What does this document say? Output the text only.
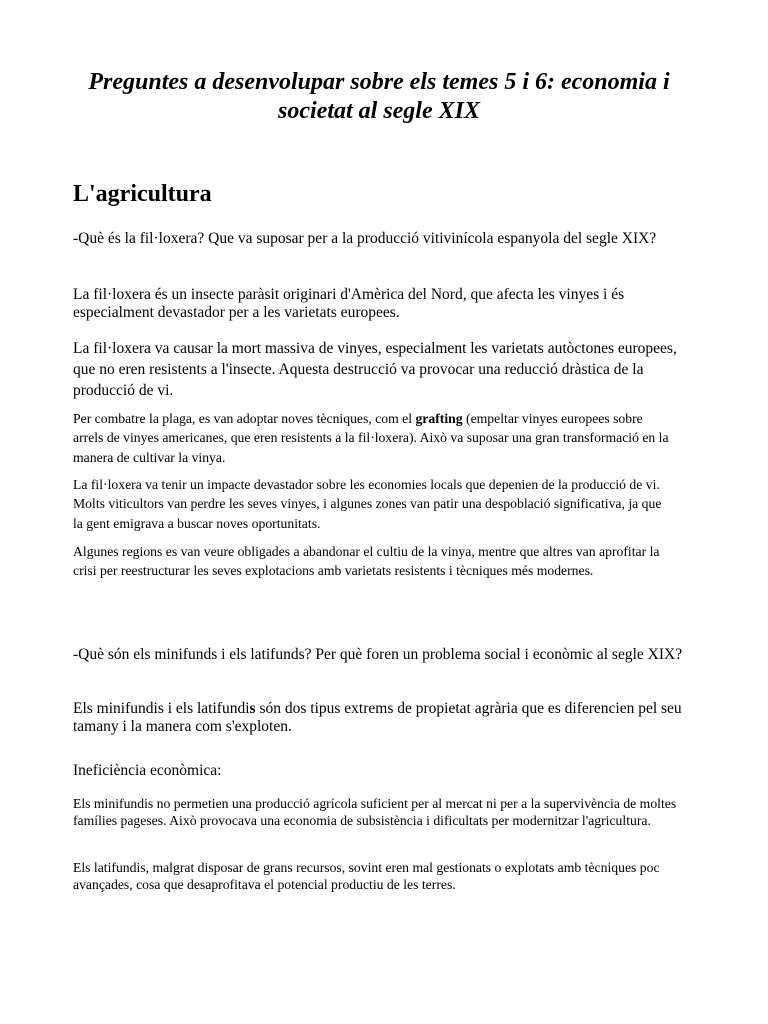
Preguntes a desenvolupar sobre els temes 5 i 6: economia i societat al segle XIX
L'agricultura

-Què és la fil·loxera? Que va suposar per a la producció vitivinícola espanyola del segle XIX?

La fil·loxera és un insecte paràsit originari d'Amèrica del Nord, que afecta les vinyes i és especialment devastador per a les varietats europees.

La fil·loxera va causar la mort massiva de vinyes, especialment les varietats autòctones europees, que no eren resistents a l'insecte. Aquesta destrucció va provocar una reducció dràstica de la producció de vi.

Per combatre la plaga, es van adoptar noves tècniques, com el grafting (empeltar vinyes europees sobre arrels de vinyes americanes, que eren resistents a la fil·loxera). Això va suposar una gran transformació en la manera de cultivar la vinya.

La fil·loxera va tenir un impacte devastador sobre les economies locals que depenien de la producció de vi. Molts viticultors van perdre les seves vinyes, i algunes zones van patir una despoblació significativa, ja que la gent emigrava a buscar noves oportunitats.

Algunes regions es van veure obligades a abandonar el cultiu de la vinya, mentre que altres van aprofitar la crisi per reestructurar les seves explotacions amb varietats resistents i tècniques més modernes.

-Què són els minifunds i els latifunds? Per què foren un problema social i econòmic al segle XIX?

Els minifundis i els latifundis són dos tipus extrems de propietat agrària que es diferencien pel seu tamany i la manera com s'exploten.

Ineficiència econòmica:

Els minifundis no permetien una producció agrícola suficient per al mercat ni per a la supervivència de moltes famílies pageses. Això provocava una economia de subsistència i dificultats per modernitzar l'agricultura.

Els latifundis, malgrat disposar de grans recursos, sovint eren mal gestionats o explotats amb tècniques poc avançades, cosa que desaprofitava el potencial productiu de les terres.
